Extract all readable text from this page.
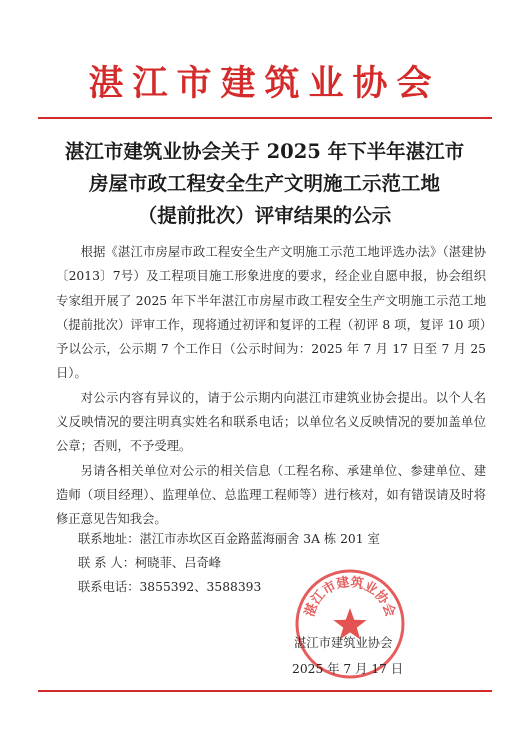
湛江市建筑业协会
湛江市建筑业协会关于 2025 年下半年湛江市
房屋市政工程安全生产文明施工示范工地
（提前批次）评审结果的公示

根据《湛江市房屋市政工程安全生产文明施工示范工地评选办法》（湛建协〔2013〕7号）及工程项目施工形象进度的要求，经企业自愿申报，协会组织专家组开展了 2025 年下半年湛江市房屋市政工程安全生产文明施工示范工地（提前批次）评审工作，现将通过初评和复评的工程（初评 8 项，复评 10 项）予以公示，公示期 7 个工作日（公示时间为：2025 年 7 月 17 日至 7 月 25 日）。

对公示内容有异议的，请于公示期内向湛江市建筑业协会提出。以个人名义反映情况的要注明真实姓名和联系电话；以单位名义反映情况的要加盖单位公章；否则，不予受理。

另请各相关单位对公示的相关信息（工程名称、承建单位、参建单位、建造师（项目经理）、监理单位、总监理工程师等）进行核对，如有错误请及时将修正意见告知我会。

联系地址：湛江市赤坎区百金路蓝海丽舍 3A 栋 201 室
联 系 人：柯晓菲、吕奇峰
联系电话：3855392、3588393
湛江市建筑业协会
湛江市建筑业协会
2025 年 7 月 17 日
